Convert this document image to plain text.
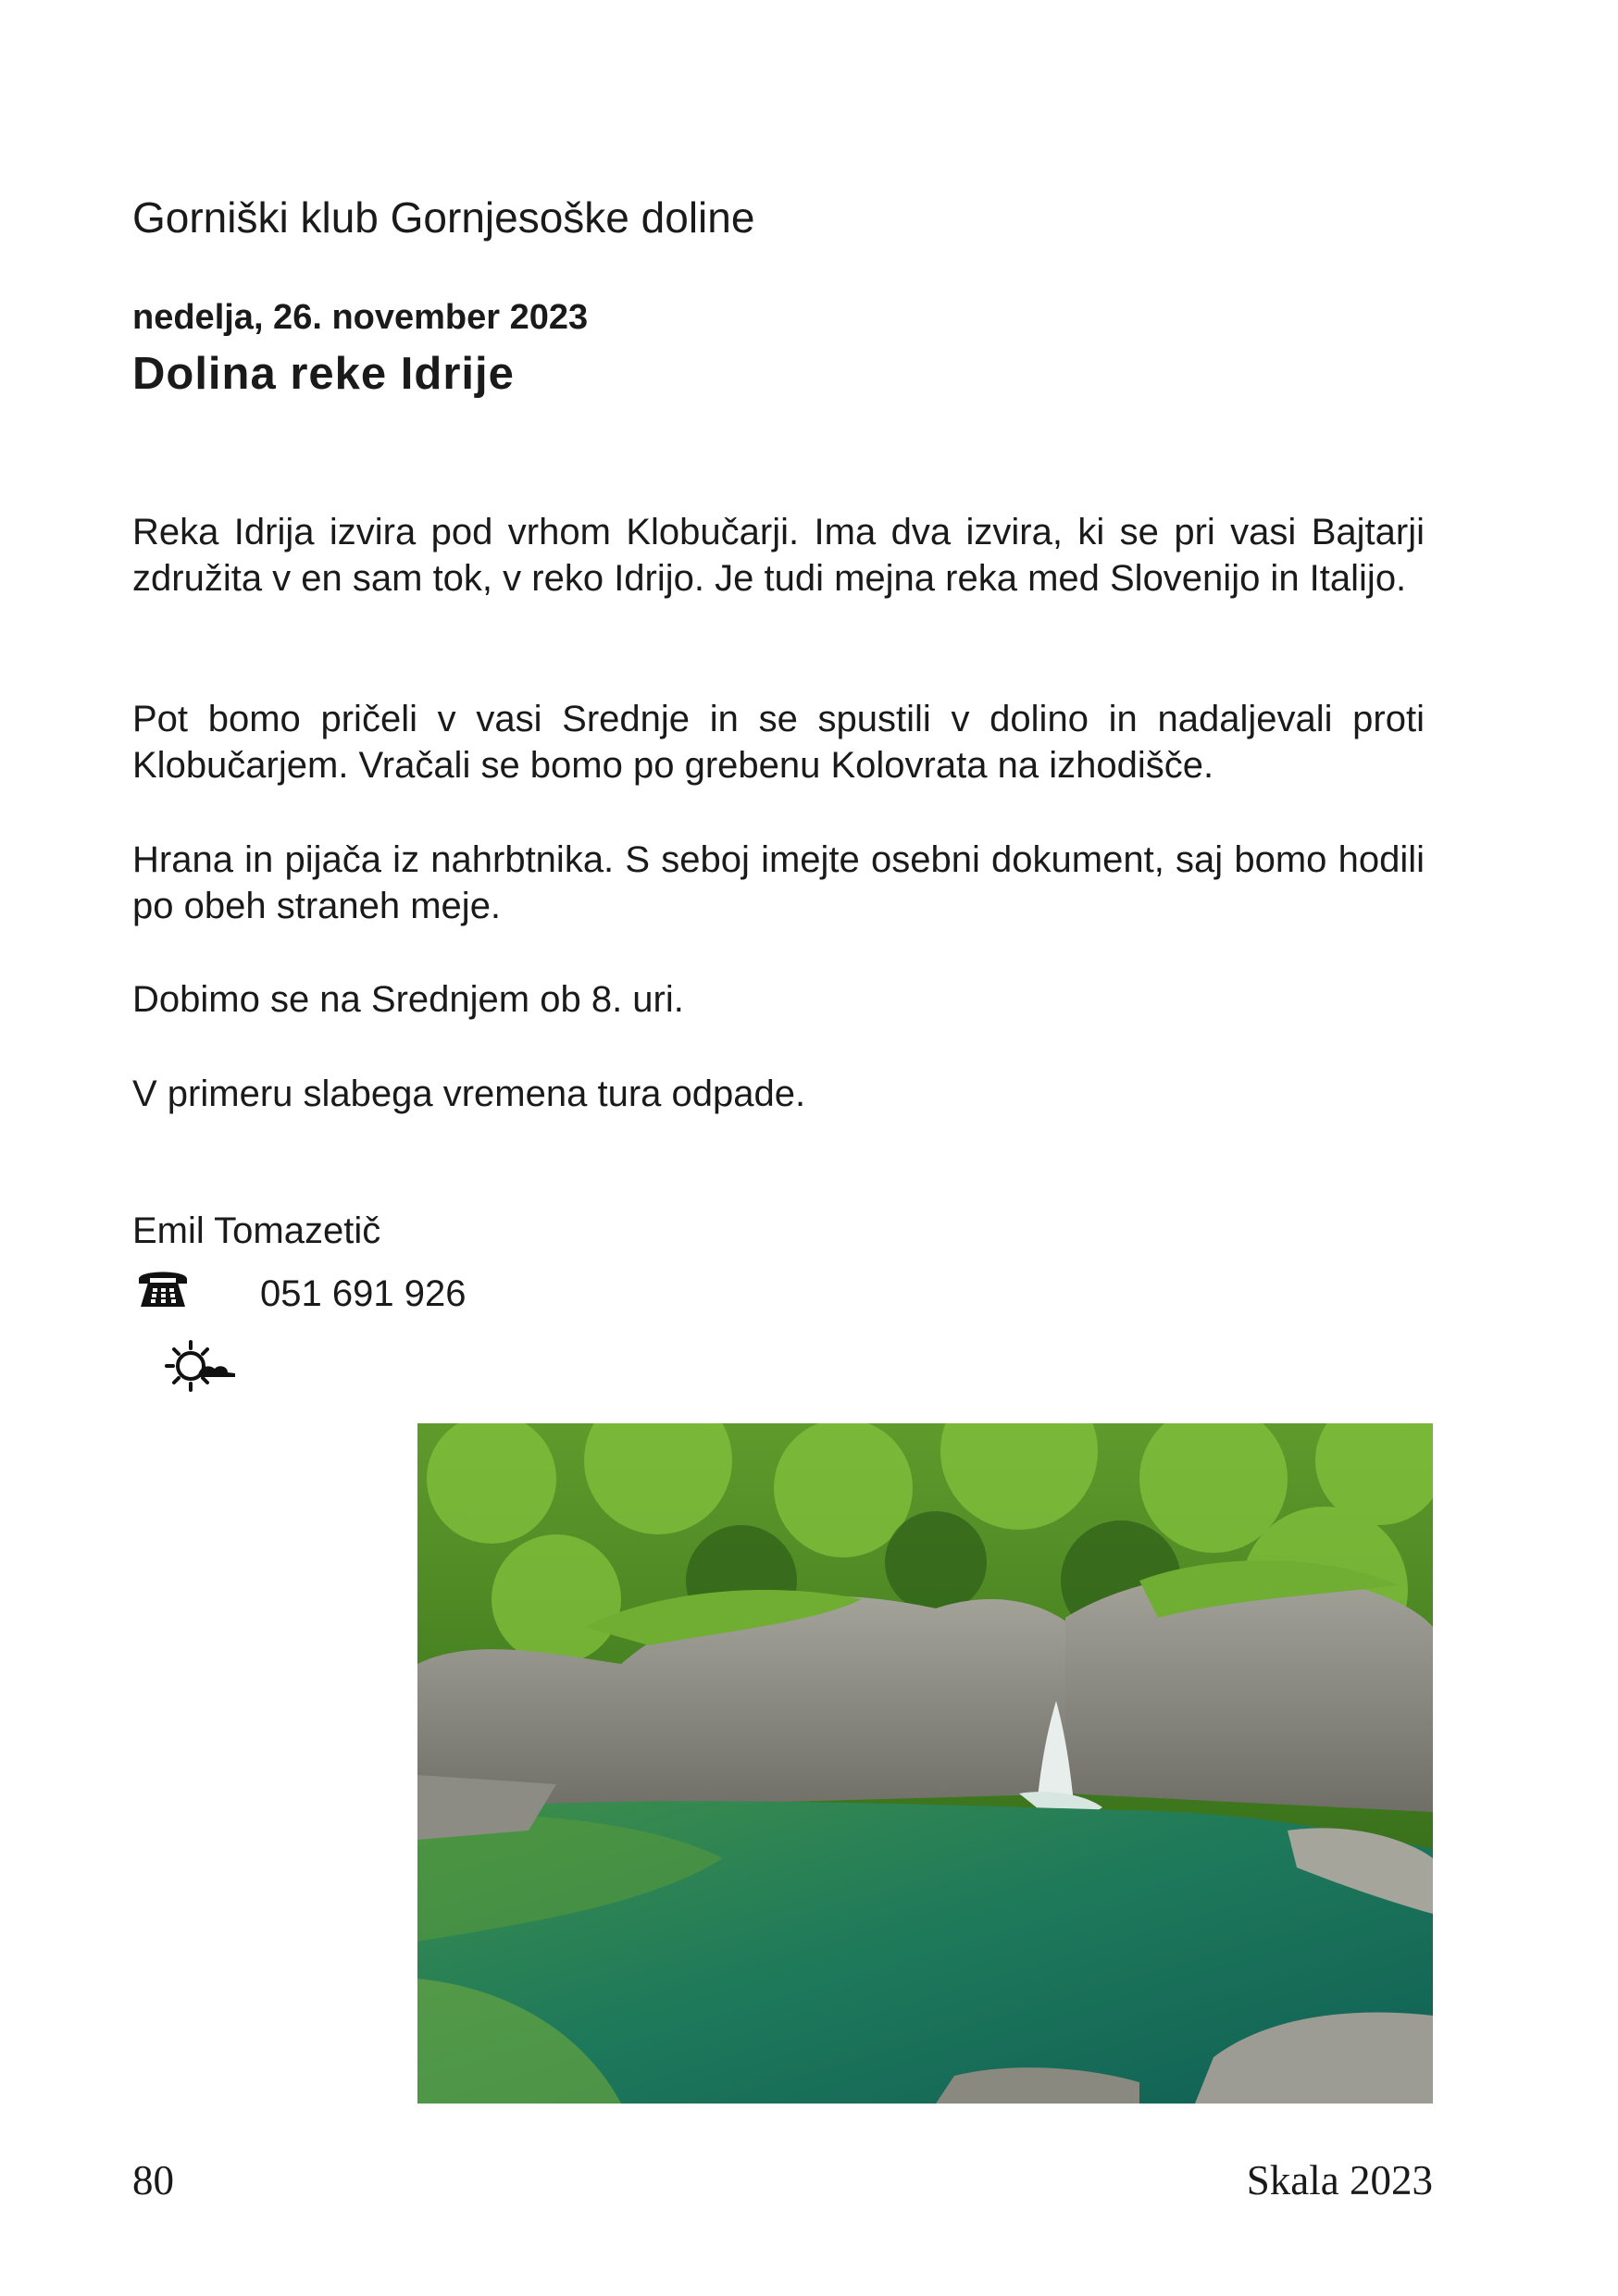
Gorniški klub Gornjesoške doline
nedelja, 26. november 2023
Dolina reke Idrije

Reka Idrija izvira pod vrhom Klobučarji. Ima dva izvira, ki se pri vasi Bajtarji združita v en sam tok, v reko Idrijo. Je tudi mejna reka med Slovenijo in Italijo.

Pot bomo pričeli v vasi Srednje in se spustili v dolino in nadaljevali proti Klobučarjem. Vračali se bomo po grebenu Kolovrata na izhodišče.

Hrana in pijača iz nahrbtnika. S seboj imejte osebni dokument, saj bomo hodili po obeh straneh meje.

Dobimo se na Srednjem ob 8. uri.

V primeru slabega vremena tura odpade.

Emil Tomazetič
051 691 926
80	Skala 2023
